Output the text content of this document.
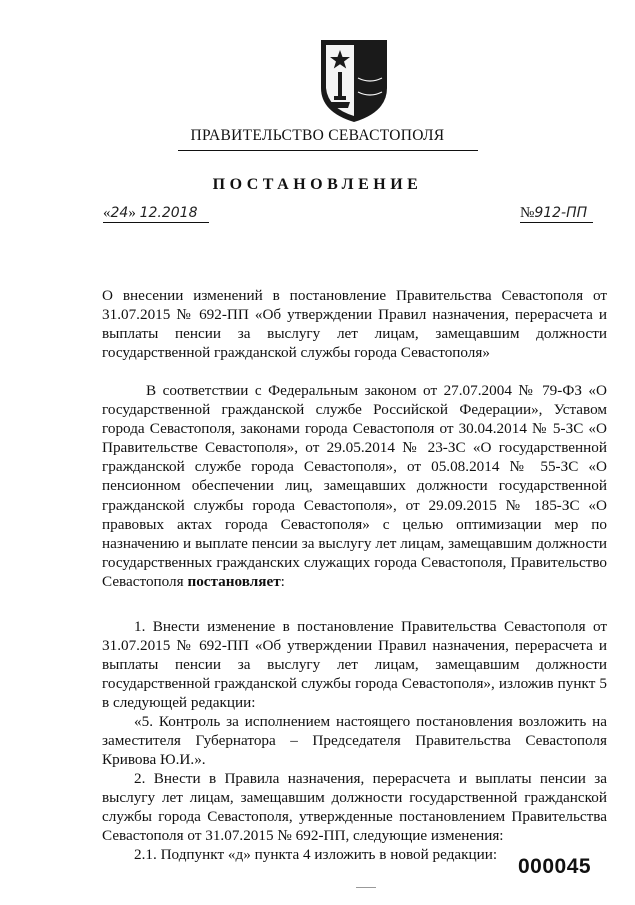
ПРАВИТЕЛЬСТВО СЕВАСТОПОЛЯ
ПОСТАНОВЛЕНИЕ
«24» 12.2018	№912-ПП
О внесении изменений в постановление Правительства Севастополя от 31.07.2015 № 692-ПП «Об утверждении Правил назначения, перерасчета и выплаты пенсии за выслугу лет лицам, замещавшим должности государственной гражданской службы города Севастополя»
В соответствии с Федеральным законом от 27.07.2004 № 79-ФЗ «О государственной гражданской службе Российской Федерации», Уставом города Севастополя, законами города Севастополя от 30.04.2014 № 5-ЗС «О Правительстве Севастополя», от 29.05.2014 № 23-ЗС «О государственной гражданской службе города Севастополя», от 05.08.2014 № 55-ЗС «О пенсионном обеспечении лиц, замещавших должности государственной гражданской службы города Севастополя», от 29.09.2015 № 185-ЗС «О правовых актах города Севастополя» с целью оптимизации мер по назначению и выплате пенсии за выслугу лет лицам, замещавшим должности государственных гражданских служащих города Севастополя, Правительство Севастополя постановляет:

1. Внести изменение в постановление Правительства Севастополя от 31.07.2015 № 692-ПП «Об утверждении Правил назначения, перерасчета и выплаты пенсии за выслугу лет лицам, замещавшим должности государственной гражданской службы города Севастополя», изложив пункт 5 в следующей редакции:

«5. Контроль за исполнением настоящего постановления возложить на заместителя Губернатора – Председателя Правительства Севастополя Кривова Ю.И.».

2. Внести в Правила назначения, перерасчета и выплаты пенсии за выслугу лет лицам, замещавшим должности государственной гражданской службы города Севастополя, утвержденные постановлением Правительства Севастополя от 31.07.2015 № 692-ПП, следующие изменения:

2.1. Подпункт «д» пункта 4 изложить в новой редакции:

000045
